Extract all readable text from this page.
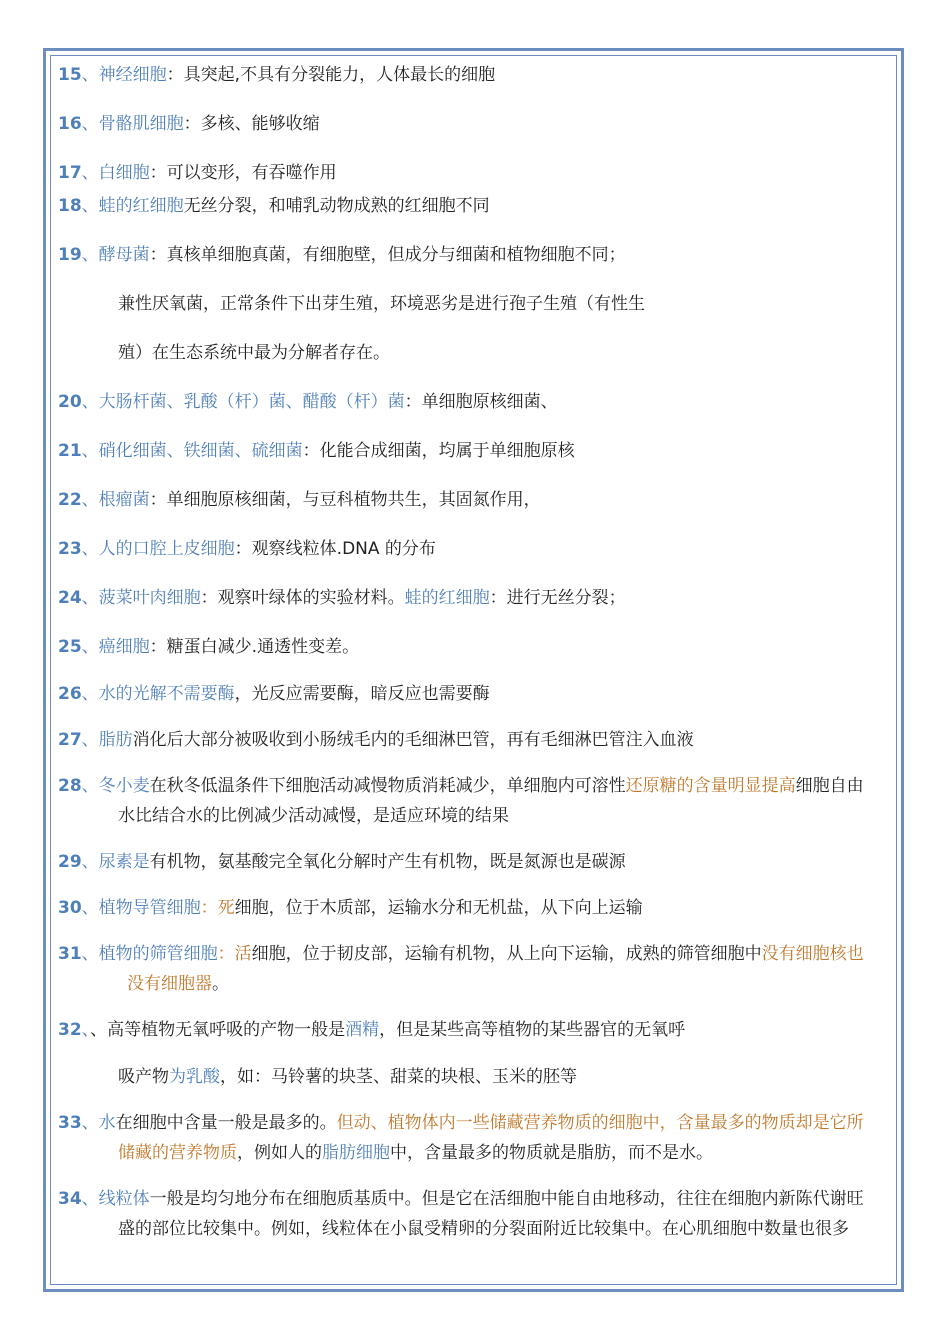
15、神经细胞：具突起,不具有分裂能力，人体最长的细胞
16、骨骼肌细胞：多核、能够收缩
17、白细胞：可以变形，有吞噬作用
18、蛙的红细胞无丝分裂，和哺乳动物成熟的红细胞不同
19、酵母菌：真核单细胞真菌，有细胞壁，但成分与细菌和植物细胞不同；
兼性厌氧菌，正常条件下出芽生殖，环境恶劣是进行孢子生殖（有性生
殖）在生态系统中最为分解者存在。
20、大肠杆菌、乳酸（杆）菌、醋酸（杆）菌：单细胞原核细菌、
21、硝化细菌、铁细菌、硫细菌：化能合成细菌，均属于单细胞原核
22、根瘤菌：单细胞原核细菌，与豆科植物共生，其固氮作用，
23、人的口腔上皮细胞：观察线粒体.DNA 的分布
24、菠菜叶肉细胞：观察叶绿体的实验材料。蛙的红细胞：进行无丝分裂；
25、癌细胞：糖蛋白减少.通透性变差。
26、水的光解不需要酶，光反应需要酶，暗反应也需要酶
27、脂肪消化后大部分被吸收到小肠绒毛内的毛细淋巴管，再有毛细淋巴管注入血液
28、冬小麦在秋冬低温条件下细胞活动减慢物质消耗减少，单细胞内可溶性还原糖的含量明显提高细胞自由
水比结合水的比例减少活动减慢，是适应环境的结果
29、尿素是有机物，氨基酸完全氧化分解时产生有机物，既是氮源也是碳源
30、植物导管细胞：死细胞，位于木质部，运输水分和无机盐，从下向上运输
31、植物的筛管细胞：活细胞，位于韧皮部，运输有机物，从上向下运输，成熟的筛管细胞中没有细胞核也
没有细胞器。
32、、高等植物无氧呼吸的产物一般是酒精，但是某些高等植物的某些器官的无氧呼
吸产物为乳酸，如：马铃薯的块茎、甜菜的块根、玉米的胚等
33、水在细胞中含量一般是最多的。但动、植物体内一些储藏营养物质的细胞中，含量最多的物质却是它所
储藏的营养物质，例如人的脂肪细胞中，含量最多的物质就是脂肪，而不是水。
34、线粒体一般是均匀地分布在细胞质基质中。但是它在活细胞中能自由地移动，往往在细胞内新陈代谢旺
盛的部位比较集中。例如，线粒体在小鼠受精卵的分裂面附近比较集中。在心肌细胞中数量也很多
